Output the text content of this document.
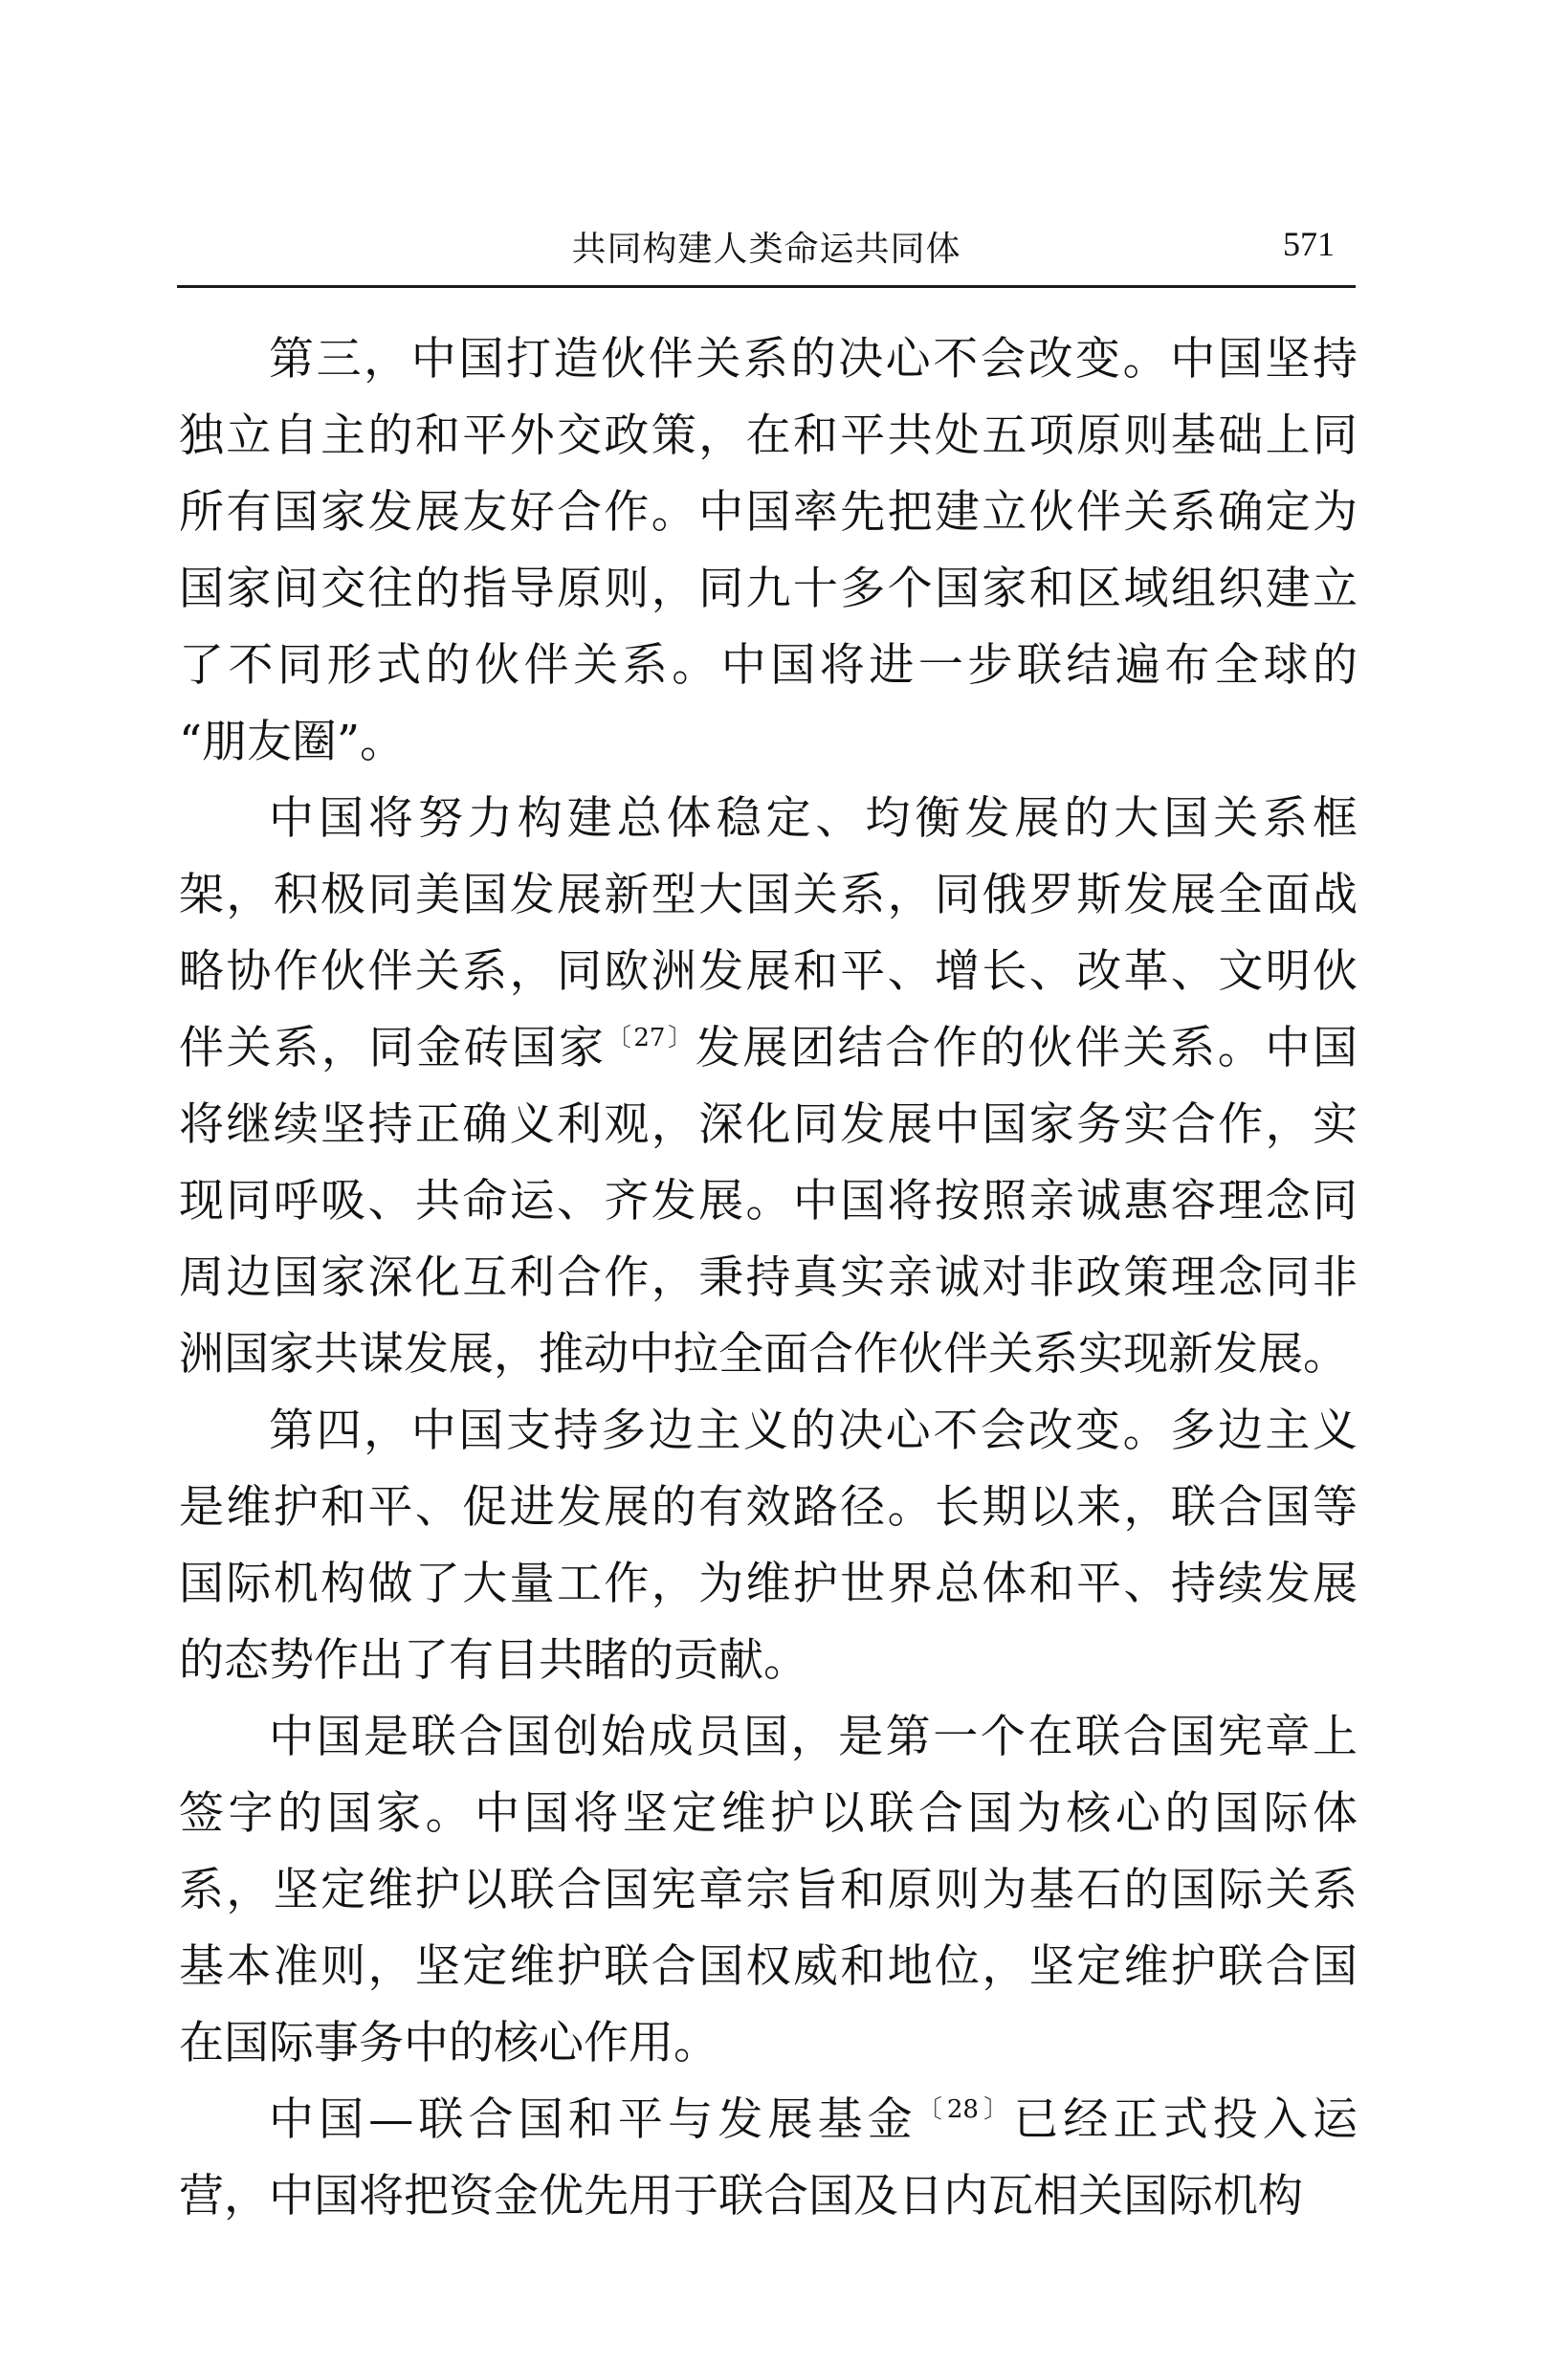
共同构建人类命运共同体	571
第三，中国打造伙伴关系的决心不会改变。中国坚持
独立自主的和平外交政策，在和平共处五项原则基础上同
所有国家发展友好合作。中国率先把建立伙伴关系确定为
国家间交往的指导原则，同九十多个国家和区域组织建立
了不同形式的伙伴关系。中国将进一步联结遍布全球的
“朋友圈”。
中国将努力构建总体稳定、均衡发展的大国关系框
架，积极同美国发展新型大国关系，同俄罗斯发展全面战
略协作伙伴关系，同欧洲发展和平、增长、改革、文明伙
伴关系，同金砖国家$^{〔27〕}$发展团结合作的伙伴关系。中国
将继续坚持正确义利观，深化同发展中国家务实合作，实
现同呼吸、共命运、齐发展。中国将按照亲诚惠容理念同
周边国家深化互利合作，秉持真实亲诚对非政策理念同非
洲国家共谋发展，推动中拉全面合作伙伴关系实现新发展。
第四，中国支持多边主义的决心不会改变。多边主义
是维护和平、促进发展的有效路径。长期以来，联合国等
国际机构做了大量工作，为维护世界总体和平、持续发展
的态势作出了有目共睹的贡献。
中国是联合国创始成员国，是第一个在联合国宪章上
签字的国家。中国将坚定维护以联合国为核心的国际体
系，坚定维护以联合国宪章宗旨和原则为基石的国际关系
基本准则，坚定维护联合国权威和地位，坚定维护联合国
在国际事务中的核心作用。
中国—联合国和平与发展基金$^{〔28〕}$已经正式投入运
营，中国将把资金优先用于联合国及日内瓦相关国际机构
